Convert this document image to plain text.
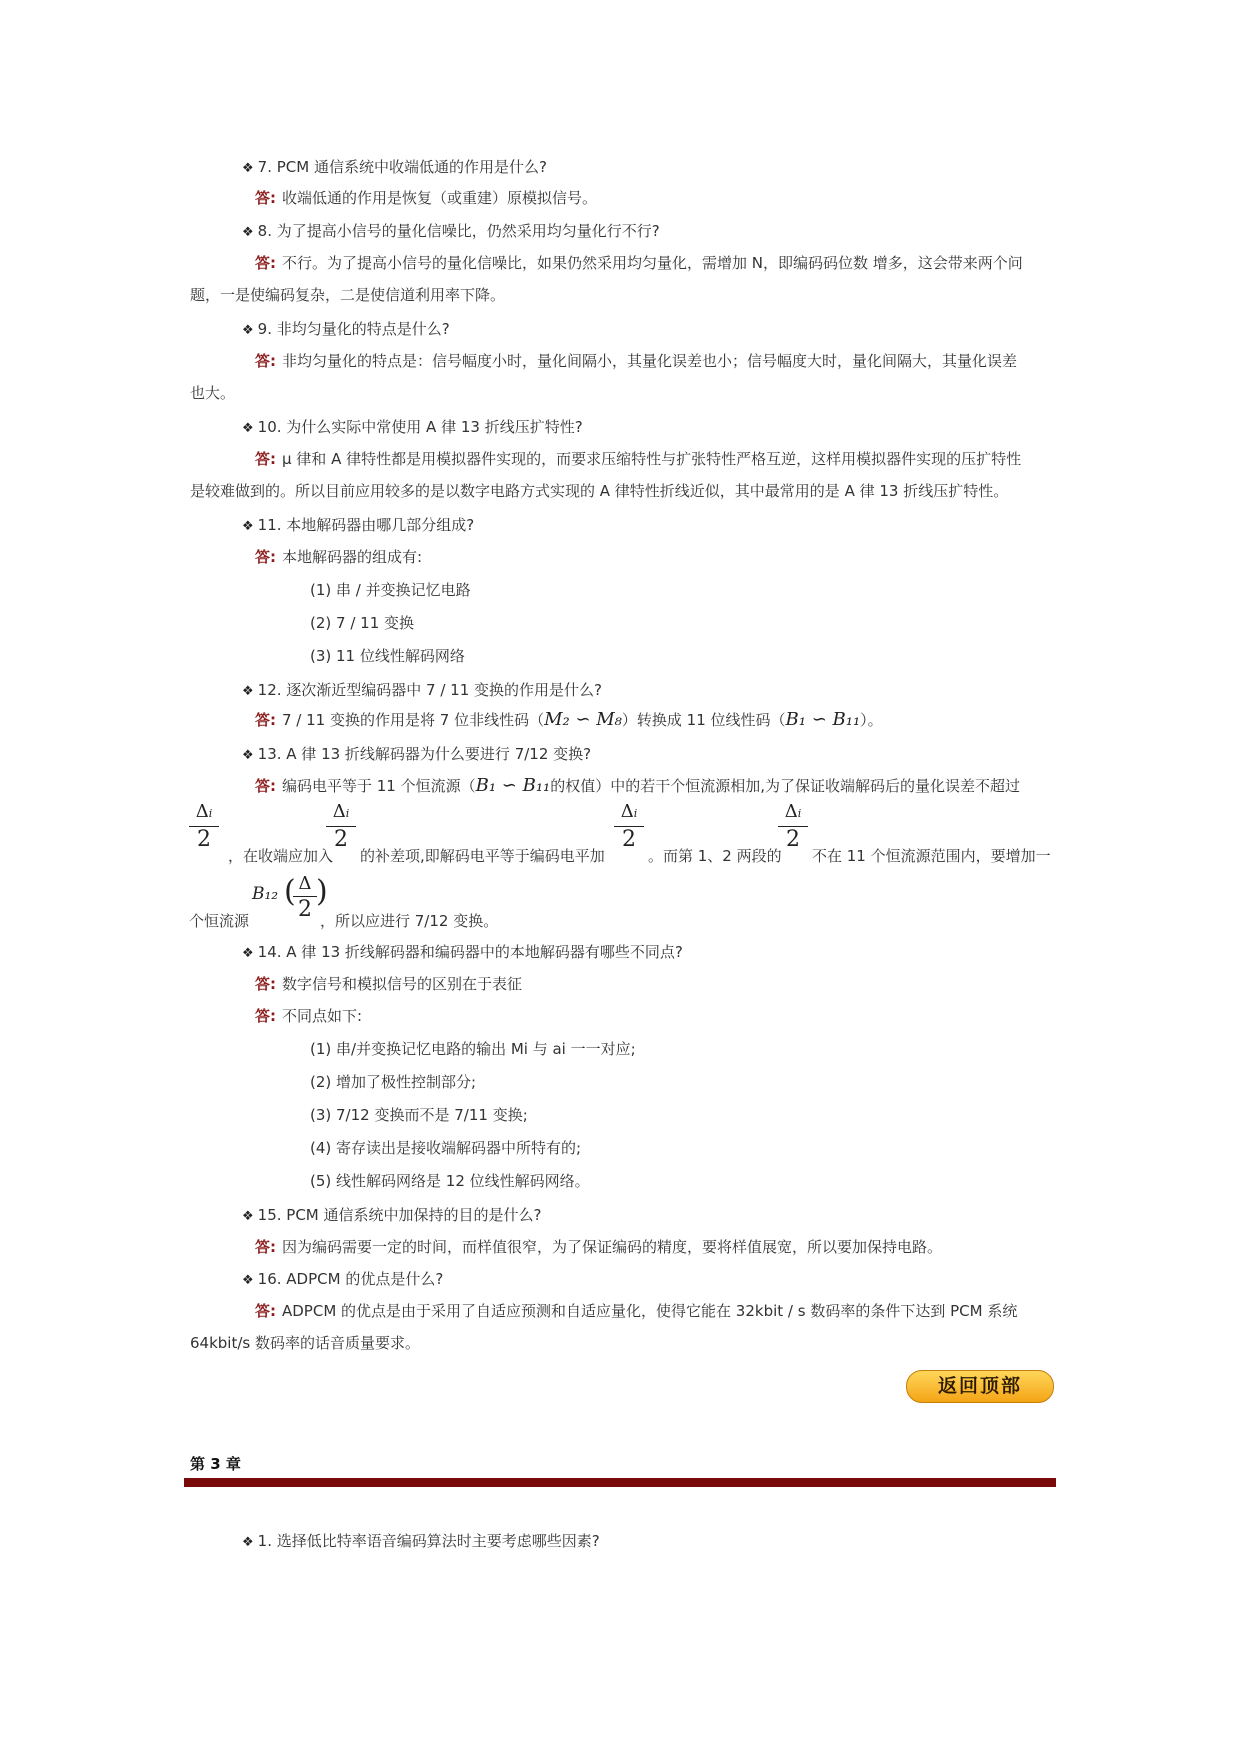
❖ 7. PCM 通信系统中收端低通的作用是什么?
答: 收端低通的作用是恢复（或重建）原模拟信号。
❖ 8. 为了提高小信号的量化信噪比，仍然采用均匀量化行不行?
答: 不行。为了提高小信号的量化信噪比，如果仍然采用均匀量化，需增加 N，即编码码位数 增多，这会带来两个问
题，一是使编码复杂，二是使信道利用率下降。
❖ 9. 非均匀量化的特点是什么?
答: 非均匀量化的特点是：信号幅度小时，量化间隔小，其量化误差也小；信号幅度大时，量化间隔大，其量化误差
也大。
❖ 10. 为什么实际中常使用 A 律 13 折线压扩特性?
答: μ 律和 A 律特性都是用模拟器件实现的，而要求压缩特性与扩张特性严格互逆，这样用模拟器件实现的压扩特性
是较难做到的。所以目前应用较多的是以数字电路方式实现的 A 律特性折线近似，其中最常用的是 A 律 13 折线压扩特性。
❖ 11. 本地解码器由哪几部分组成?
答: 本地解码器的组成有:
(1) 串 / 并变换记忆电路
(2) 7 / 11 变换
(3) 11 位线性解码网络
❖ 12. 逐次渐近型编码器中 7 / 11 变换的作用是什么?
答: 7 / 11 变换的作用是将 7 位非线性码（M₂ ∽ M₈）转换成 11 位线性码（B₁ ∽ B₁₁）。
❖ 13. A 律 13 折线解码器为什么要进行 7/12 变换?
答: 编码电平等于 11 个恒流源（B₁ ∽ B₁₁的权值）中的若干个恒流源相加,为了保证收端解码后的量化误差不超过
Δi
2
，在收端应加入
Δi
2
的补差项,即解码电平等于编码电平加
Δi
2
。而第 1、2 两段的
Δi
2
不在 11 个恒流源范围内，要增加一
个恒流源
B₁₂ ( Δ
2
)
，所以应进行 7/12 变换。
❖ 14. A 律 13 折线解码器和编码器中的本地解码器有哪些不同点?
答: 数字信号和模拟信号的区别在于表征
答: 不同点如下:
(1) 串/并变换记忆电路的输出 Mi 与 ai 一一对应;
(2) 增加了极性控制部分;
(3) 7/12 变换而不是 7/11 变换;
(4) 寄存读出是接收端解码器中所特有的;
(5) 线性解码网络是 12 位线性解码网络。
❖ 15. PCM 通信系统中加保持的目的是什么?
答: 因为编码需要一定的时间，而样值很窄，为了保证编码的精度，要将样值展宽，所以要加保持电路。
❖ 16. ADPCM 的优点是什么?
答: ADPCM 的优点是由于采用了自适应预测和自适应量化，使得它能在 32kbit / s 数码率的条件下达到 PCM 系统
64kbit/s 数码率的话音质量要求。
返回顶部
第 3 章
❖ 1. 选择低比特率语音编码算法时主要考虑哪些因素?
